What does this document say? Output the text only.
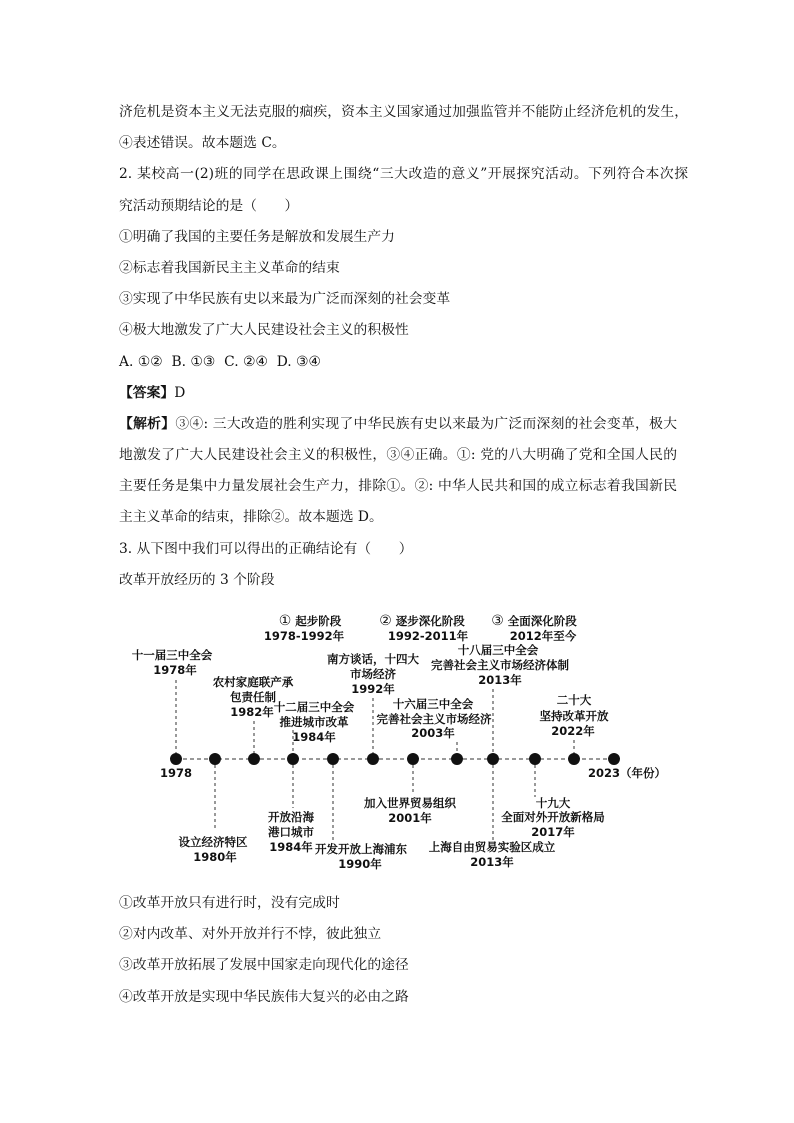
济危机是资本主义无法克服的痼疾，资本主义国家通过加强监管并不能防止经济危机的发生，
④表述错误。故本题选 C。
2. 某校高一(2)班的同学在思政课上围绕“三大改造的意义”开展探究活动。下列符合本次探
究活动预期结论的是（　　）
①明确了我国的主要任务是解放和发展生产力
②标志着我国新民主主义革命的结束
③实现了中华民族有史以来最为广泛而深刻的社会变革
④极大地激发了广大人民建设社会主义的积极性
A. ①② B. ①③ C. ②④ D. ③④
【答案】D
【解析】③④: 三大改造的胜利实现了中华民族有史以来最为广泛而深刻的社会变革，极大
地激发了广大人民建设社会主义的积极性，③④正确。①: 党的八大明确了党和全国人民的
主要任务是集中力量发展社会生产力，排除①。②: 中华人民共和国的成立标志着我国新民
主主义革命的结束，排除②。故本题选 D。
3. 从下图中我们可以得出的正确结论有（　　）
改革开放经历的 3 个阶段
① 起步阶段
1978-1992年
② 逐步深化阶段
1992-2011年
③ 全面深化阶段
2012年至今
十一届三中全会
1978年
农村家庭联产承
包责任制
1982年 十二届三中全会
推进城市改革
1984年
南方谈话，十四大
市场经济
1992年
十六届三中全会
完善社会主义市场经济
2003年
十八届三中全会
完善社会主义市场经济体制
2013年
二十大
坚持改革开放
2022年
设立经济特区
1980年
开放沿海
港口城市
1984年 开发开放上海浦东
1990年
加入世界贸易组织
2001年
上海自由贸易实验区成立
2013年
十九大
全面对外开放新格局
2017年
1978	2023（年份）
①改革开放只有进行时，没有完成时
②对内改革、对外开放并行不悖，彼此独立
③改革开放拓展了发展中国家走向现代化的途径
④改革开放是实现中华民族伟大复兴的必由之路
